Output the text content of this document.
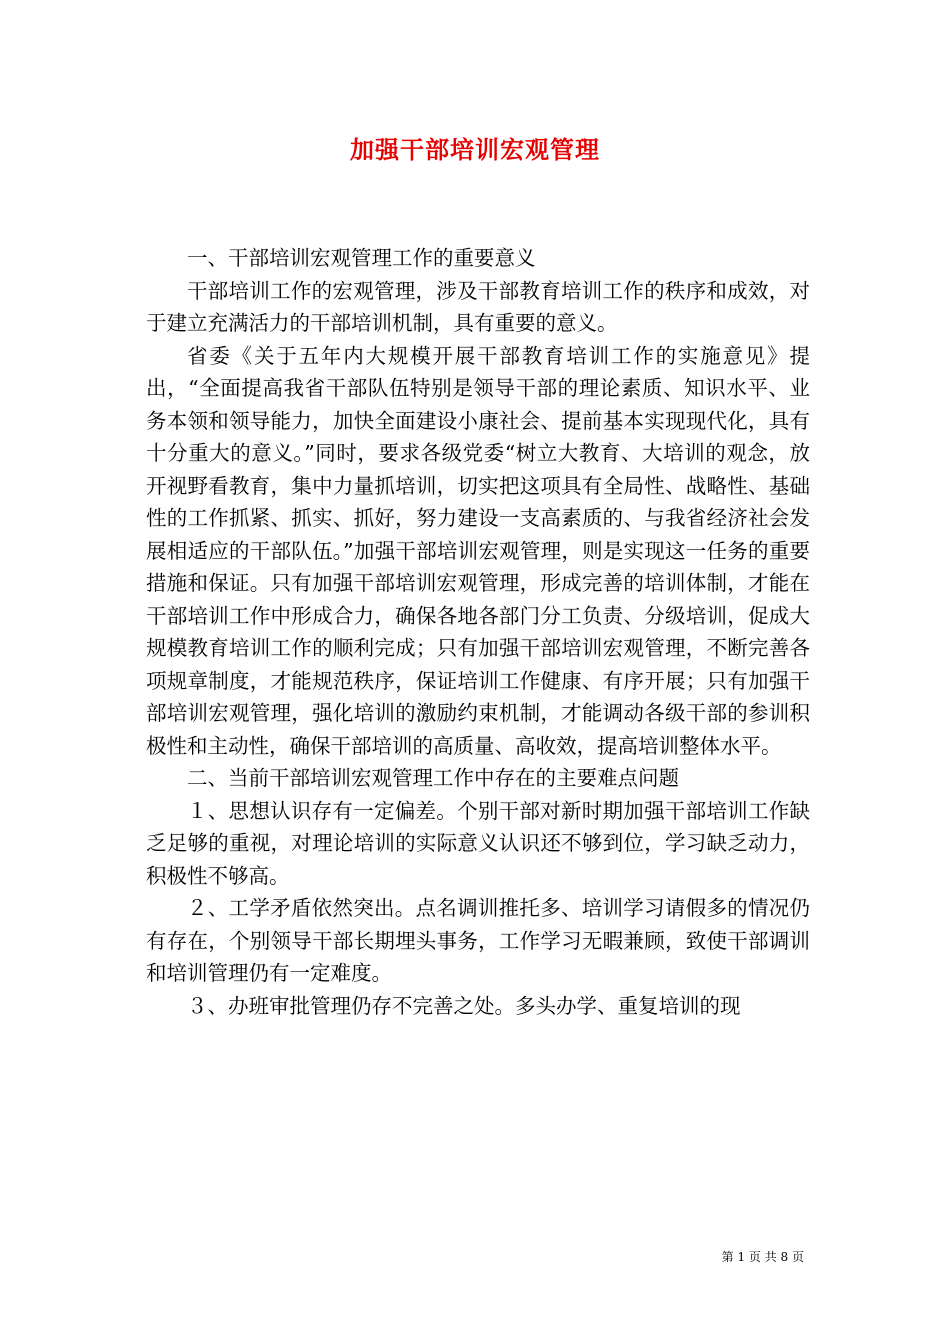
加强干部培训宏观管理

一、干部培训宏观管理工作的重要意义

干部培训工作的宏观管理，涉及干部教育培训工作的秩序和成效，对于建立充满活力的干部培训机制，具有重要的意义。

省委《关于五年内大规模开展干部教育培训工作的实施意见》提出，“全面提高我省干部队伍特别是领导干部的理论素质、知识水平、业务本领和领导能力，加快全面建设小康社会、提前基本实现现代化，具有十分重大的意义。”同时，要求各级党委“树立大教育、大培训的观念，放开视野看教育，集中力量抓培训，切实把这项具有全局性、战略性、基础性的工作抓紧、抓实、抓好，努力建设一支高素质的、与我省经济社会发展相适应的干部队伍。”加强干部培训宏观管理，则是实现这一任务的重要措施和保证。只有加强干部培训宏观管理，形成完善的培训体制，才能在干部培训工作中形成合力，确保各地各部门分工负责、分级培训，促成大规模教育培训工作的顺利完成；只有加强干部培训宏观管理，不断完善各项规章制度，才能规范秩序，保证培训工作健康、有序开展；只有加强干部培训宏观管理，强化培训的激励约束机制，才能调动各级干部的参训积极性和主动性，确保干部培训的高质量、高收效，提高培训整体水平。

二、当前干部培训宏观管理工作中存在的主要难点问题

１、思想认识存有一定偏差。个别干部对新时期加强干部培训工作缺乏足够的重视，对理论培训的实际意义认识还不够到位，学习缺乏动力，积极性不够高。

２、工学矛盾依然突出。点名调训推托多、培训学习请假多的情况仍有存在，个别领导干部长期埋头事务，工作学习无暇兼顾，致使干部调训和培训管理仍有一定难度。

３、办班审批管理仍存不完善之处。多头办学、重复培训的现

第 1 页 共 8 页
